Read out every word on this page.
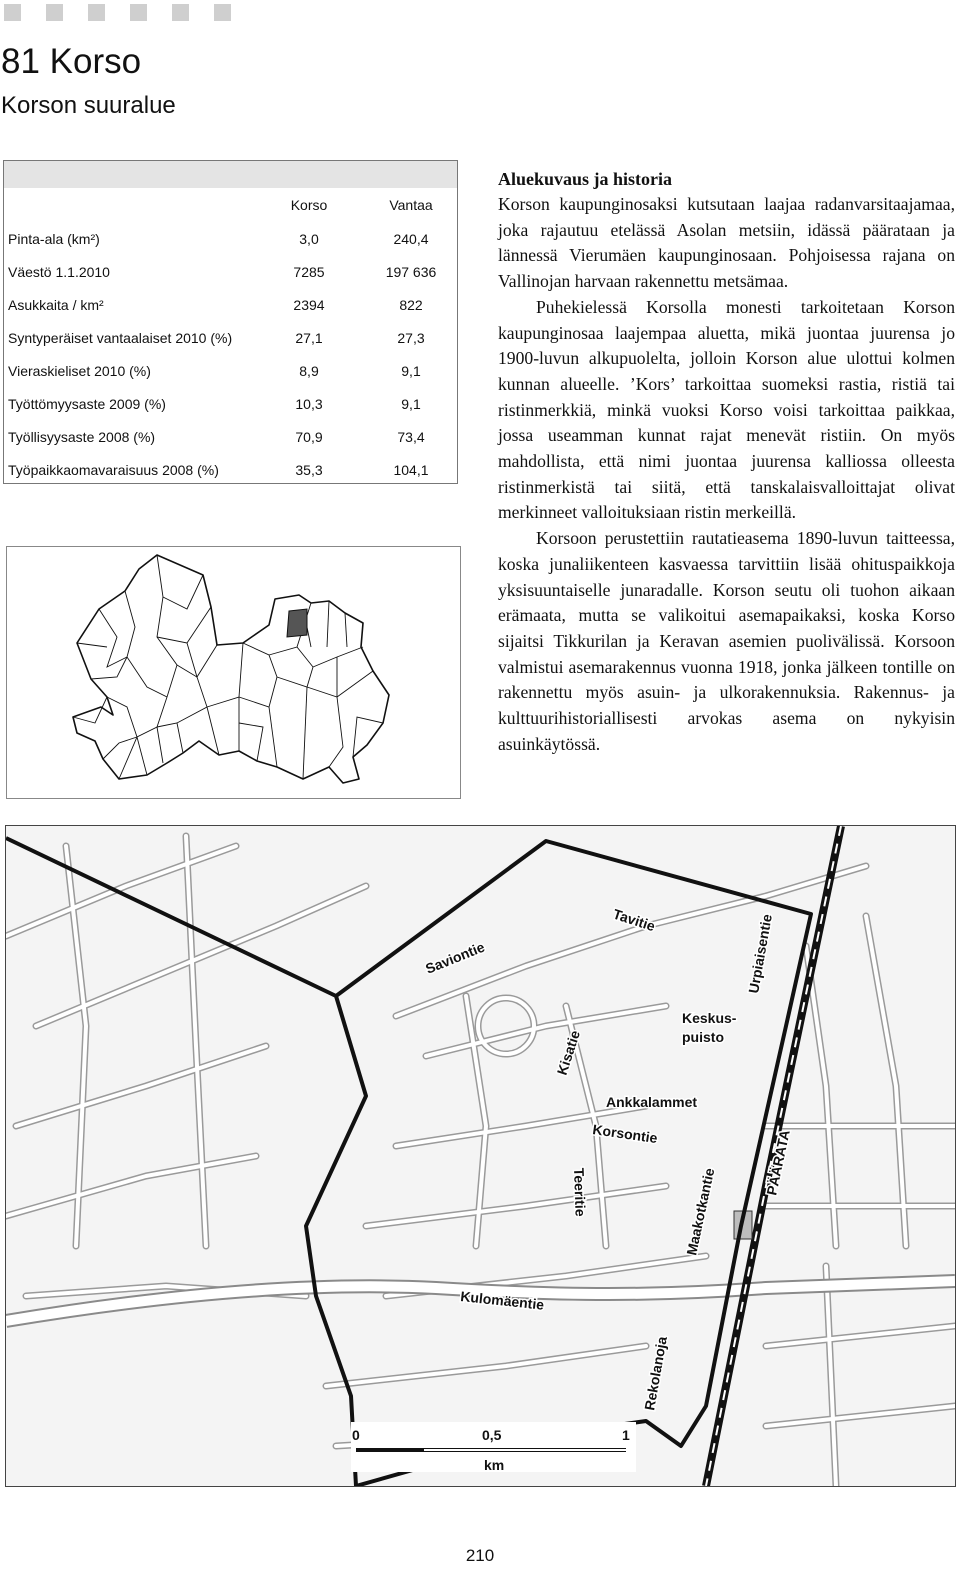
81 Korso
Korson suuralue
Korso	Vantaa
Pinta-ala (km²)	3,0	240,4
Väestö 1.1.2010	7285	197 636
Asukkaita / km²	2394	822
Syntyperäiset vantaalaiset 2010 (%)	27,1	27,3
Vieraskieliset 2010 (%)	8,9	9,1
Työttömyysaste 2009 (%)	10,3	9,1
Työllisyysaste 2008 (%)	70,9	73,4
Työpaikkaomavaraisuus 2008 (%)	35,3	104,1
Aluekuvaus ja historia

Korson kaupunginosaksi kutsutaan laajaa radanvarsitaajamaa, joka rajautuu etelässä Asolan metsiin, idässä päärataan ja lännessä Vierumäen kaupunginosaan. Pohjoisessa rajana on Vallinojan harvaan rakennettu metsämaa.

Puhekielessä Korsolla monesti tarkoitetaan Korson kaupunginosaa laajempaa aluetta, mikä juontaa juurensa jo 1900-luvun alkupuolelta, jolloin Korson alue ulottui kolmen kunnan alueelle. ’Kors’ tarkoittaa suomeksi rastia, ristiä tai ristinmerkkiä, minkä vuoksi Korso voisi tarkoittaa paikkaa, jossa useamman kunnat rajat menevät ristiin. On myös mahdollista, että nimi juontaa juurensa kalliossa olleesta ristinmerkistä tai siitä, että tanskalaisvalloittajat olivat merkinneet valloituksiaan ristin merkeillä.

Korsoon perustettiin rautatieasema 1890-luvun taitteessa, koska junaliikenteen kasvaessa tarvittiin lisää ohituspaikkoja yksisuuntaiselle junaradalle. Korson seutu oli tuohon aikaan erämaata, mutta se valikoitui asemapaikaksi, koska Korso sijaitsi Tikkurilan ja Keravan asemien puolivälissä. Korsoon valmistui asemarakennus vuonna 1918, jonka jälkeen tontille on rakennettu myös asuin- ja ulkorakennuksia. Rakennus- ja kulttuurihistoriallisesti arvokas asema on nykyisin asuinkäytössä.

Saviontie
Tavitie	Urpiaisentie
Keskus-
puisto
Kisatie
Ankkalammet
Korsontie	PÄÄRATA
Teeritie	Maakotkantie
Kulomäentie
Rekolanoja
0	0,5	1
km
210
